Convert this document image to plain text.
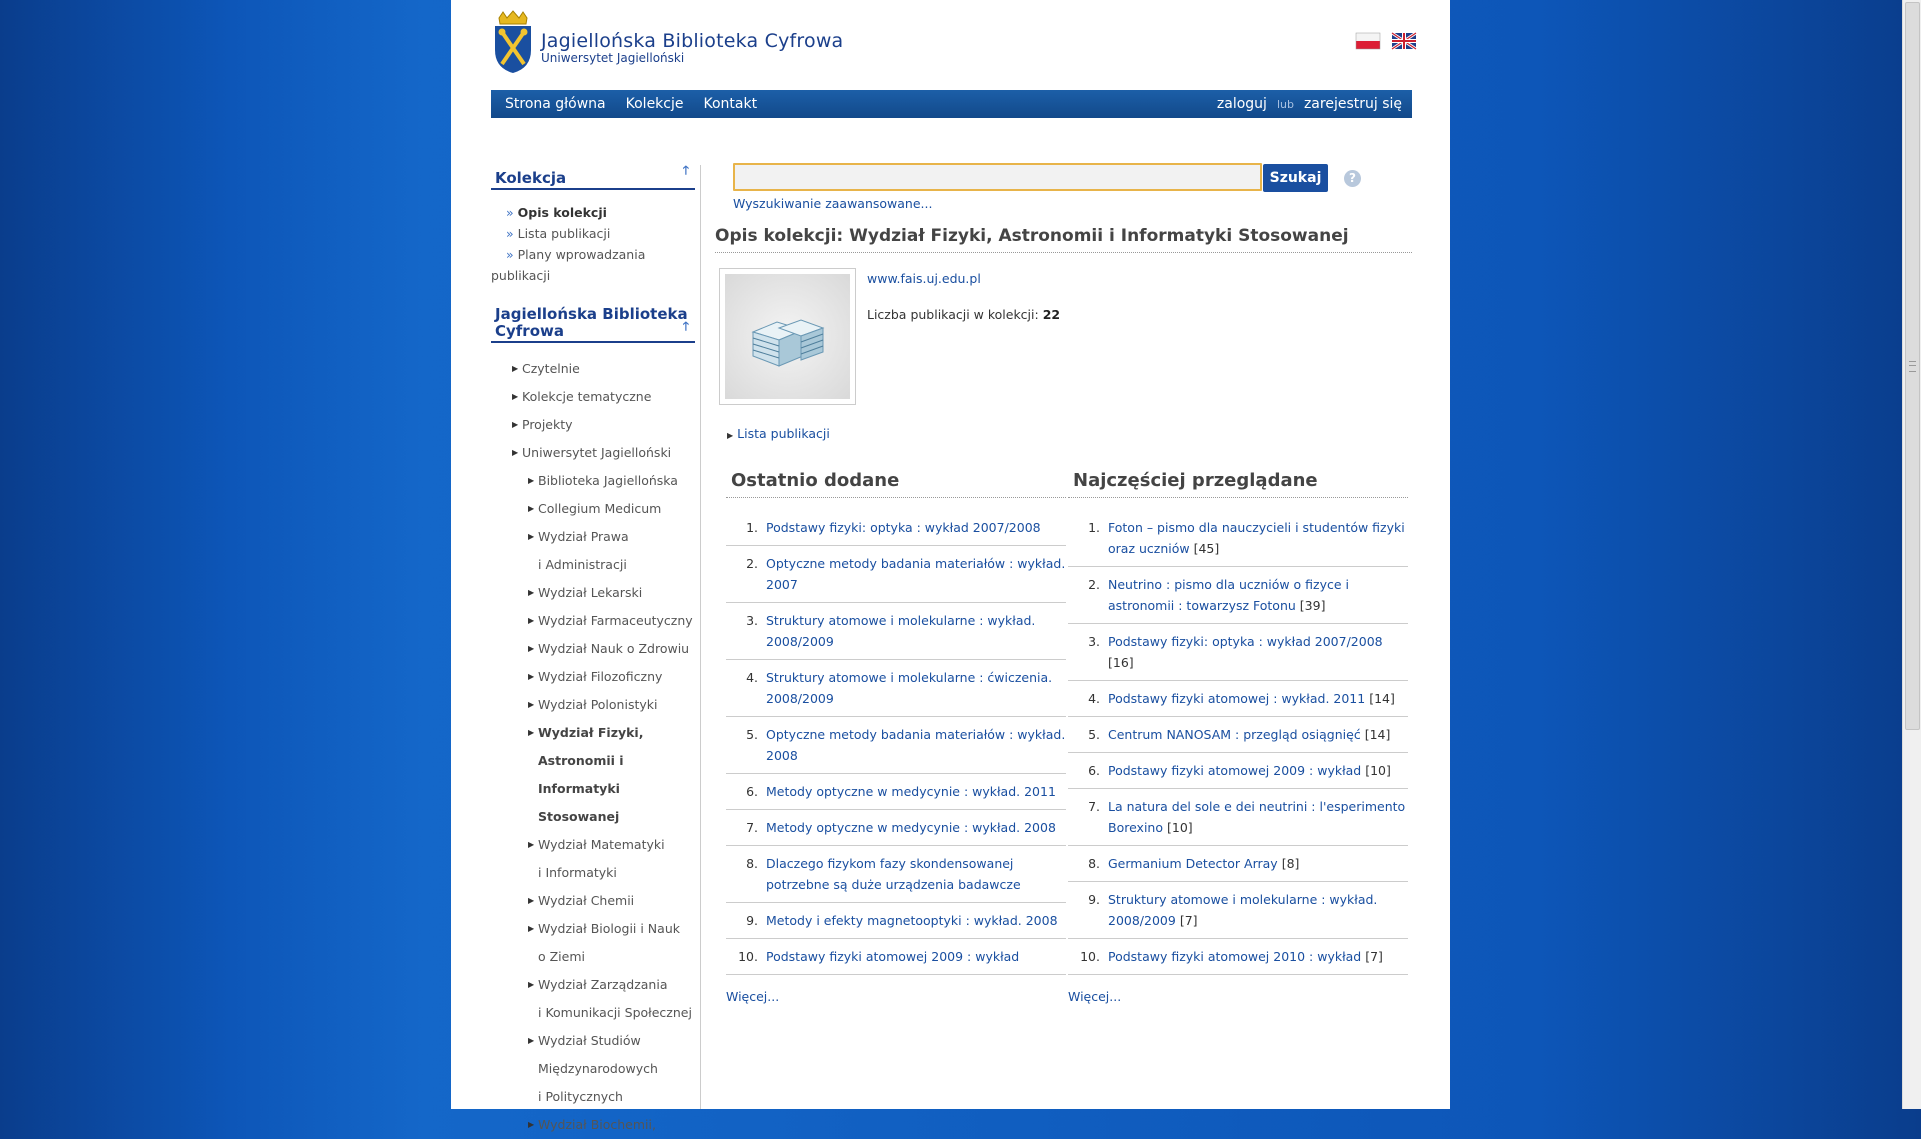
Jagiellońska Biblioteka Cyfrowa
Uniwersytet Jagielloński
Strona główna Kolekcje Kontakt	zaloguj lub zarejestruj się
Kolekcja	🡑
» Opis kolekcji
» Lista publikacji
» Plany wprowadzania
publikacji
Jagiellońska Biblioteka
Cyfrowa	🡑
▶ Czytelnie
▶ Kolekcje tematyczne
▶ Projekty
▶ Uniwersytet Jagielloński
▶ Biblioteka Jagiellońska
▶ Collegium Medicum
▶ Wydział Prawa
i Administracji
▶ Wydział Lekarski
▶ Wydział Farmaceutyczny
▶ Wydział Nauk o Zdrowiu
▶ Wydział Filozoficzny
▶ Wydział Polonistyki
▶ Wydział Fizyki,
Astronomii i Informatyki
Stosowanej
▶ Wydział Matematyki
i Informatyki
▶ Wydział Chemii
▶ Wydział Biologii i Nauk
o Ziemi
▶ Wydział Zarządzania
i Komunikacji Społecznej
▶ Wydział Studiów
Międzynarodowych
i Politycznych
▶ Wydział Biochemii,
Szukaj	?
Wyszukiwanie zaawansowane...
Opis kolekcji: Wydział Fizyki, Astronomii i Informatyki Stosowanej
www.fais.uj.edu.pl
Liczba publikacji w kolekcji: 22
▶ Lista publikacji
Ostatnio dodane
1. Podstawy fizyki: optyka : wykład 2007/2008
2. Optyczne metody badania materiałów : wykład. 2007
3. Struktury atomowe i molekularne : wykład. 2008/2009
4. Struktury atomowe i molekularne : ćwiczenia. 2008/2009
5. Optyczne metody badania materiałów : wykład. 2008
6. Metody optyczne w medycynie : wykład. 2011
7. Metody optyczne w medycynie : wykład. 2008
8. Dlaczego fizykom fazy skondensowanej potrzebne są duże urządzenia badawcze
9. Metody i efekty magnetooptyki : wykład. 2008
10. Podstawy fizyki atomowej 2009 : wykład
Więcej...
Najczęściej przeglądane
1. Foton – pismo dla nauczycieli i studentów fizyki oraz uczniów [45]
2. Neutrino : pismo dla uczniów o fizyce i astronomii : towarzysz Fotonu [39]
3. Podstawy fizyki: optyka : wykład 2007/2008 [16]
4. Podstawy fizyki atomowej : wykład. 2011 [14]
5. Centrum NANOSAM : przegląd osiągnięć [14]
6. Podstawy fizyki atomowej 2009 : wykład [10]
7. La natura del sole e dei neutrini : l'esperimento Borexino [10]
8. Germanium Detector Array [8]
9. Struktury atomowe i molekularne : wykład. 2008/2009 [7]
10. Podstawy fizyki atomowej 2010 : wykład [7]
Więcej...
